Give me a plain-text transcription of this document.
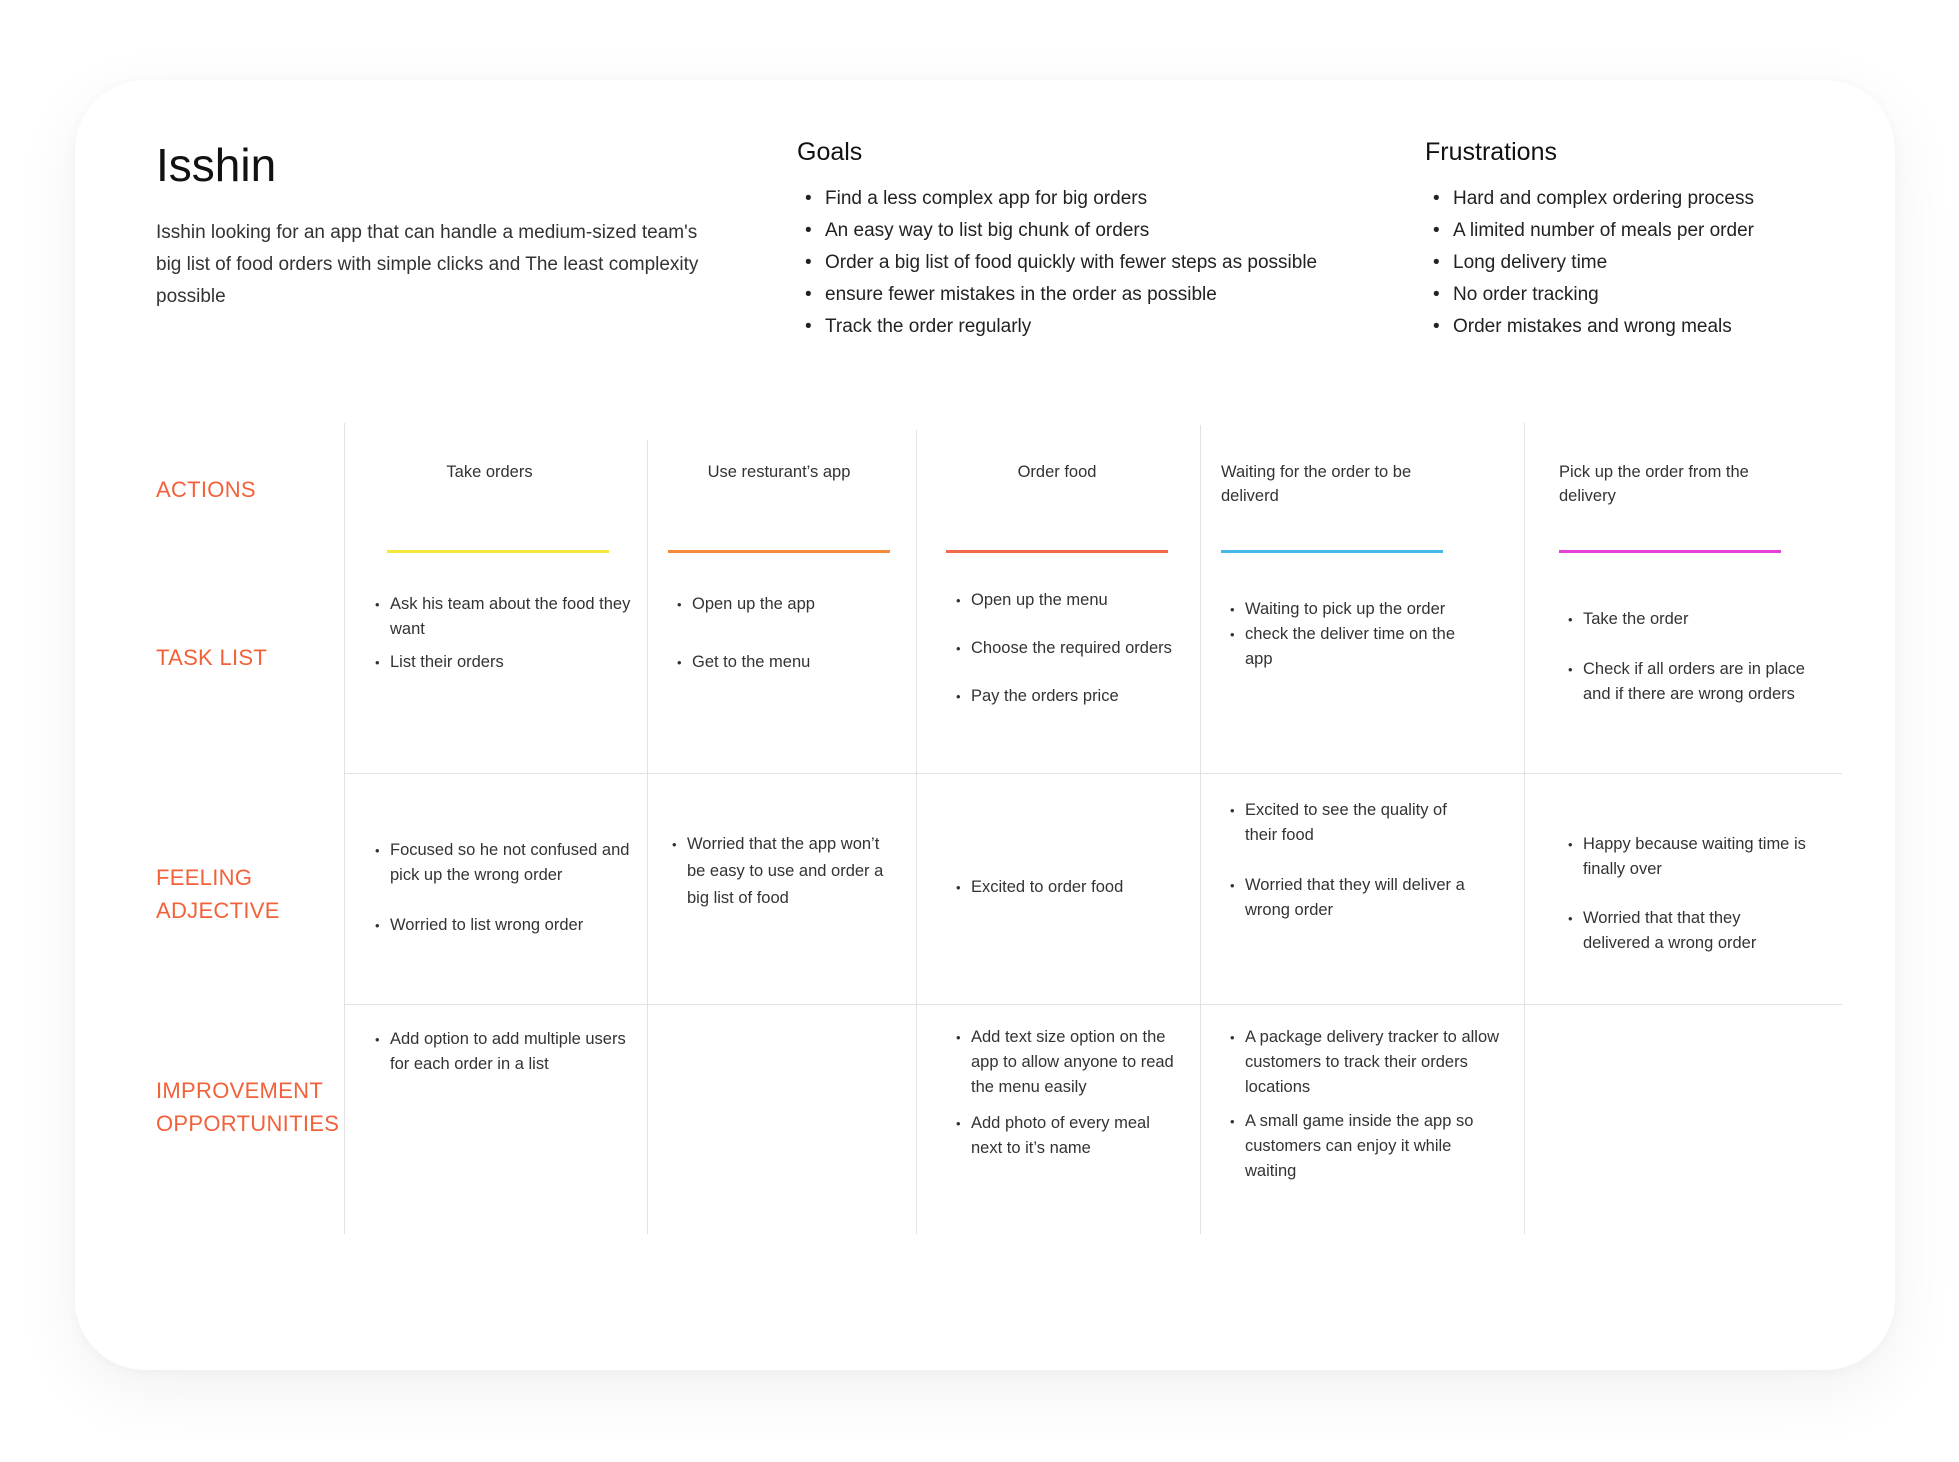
Isshin
Isshin looking for an app that can handle a medium-sized team's big list of food orders with simple clicks and The least complexity possible
Goals
• Find a less complex app for big orders
• An easy way to list big chunk of orders
• Order a big list of food quickly with fewer steps as possible
• ensure fewer mistakes in the order as possible
• Track the order regularly
Frustrations
• Hard and complex ordering process
• A limited number of meals per order
• Long delivery time
• No order tracking
• Order mistakes and wrong meals
ACTIONS
TASK LIST
FEELING
ADJECTIVE
IMPROVEMENT
OPPORTUNITIES
Take orders
• Ask his team about the food they want
• List their orders
• Focused so he not confused and pick up the wrong order
• Worried to list wrong order
• Add option to add multiple users for each order in a list
Use resturant’s app
• Open up the app
• Get to the menu
• Worried that the app won’t be easy to use and order a big list of food
Order food
• Open up the menu
• Choose the required orders
• Pay the orders price
• Excited to order food
• Add text size option on the app to allow anyone to read the menu easily
• Add photo of every meal next to it’s name
Waiting for the order to be deliverd
• Waiting to pick up the order
• check the deliver time on the app
• Excited to see the quality of their food
• Worried that they will deliver a wrong order
• A package delivery tracker to allow customers to track their orders locations
• A small game inside the app so customers can enjoy it while waiting
Pick up the order from the delivery
• Take the order
• Check if all orders are in place and if there are wrong orders
• Happy because waiting time is finally over
• Worried that that they delivered a wrong order
